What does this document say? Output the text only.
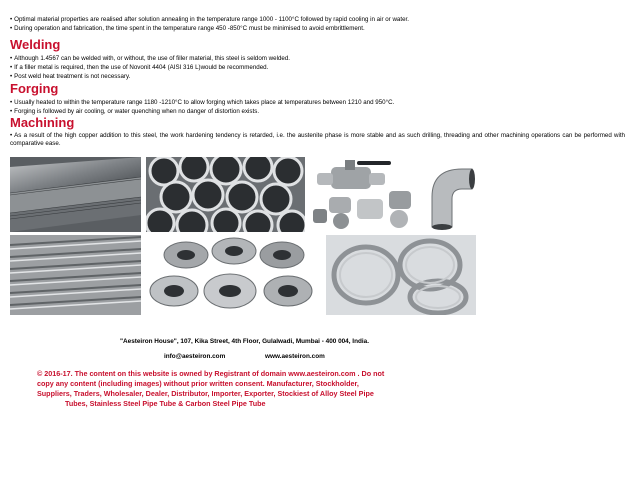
• Optimal material properties are realised after solution annealing in the temperature range 1000 - 1100°C followed by rapid cooling in air or water.
• During operation and fabrication, the time spent in the temperature range 450 -850°C must be minimised to avoid embrittlement.
Welding
• Although 1.4567 can be welded with, or without, the use of filler material, this steel is seldom welded.
• If a filler metal is required, then the use of Novonit 4404 (AISI 316 L)would be recommended.
• Post weld heat treatment is not necessary.
Forging
• Usually heated to within the temperature range 1180 -1210°C to allow forging which takes place at temperatures between 1210 and 950°C.
• Forging is followed by air cooling, or water quenching when no danger of distortion exists.
Machining
• As a result of the high copper addition to this steel, the work hardening tendency is retarded, i.e. the austenite phase is more stable and as such drilling, threading and other machining operations can be performed with comparative ease.
"Aesteiron House", 107, Kika Street, 4th Floor, Gulalwadi, Mumbai - 400 004, India.
info@aesteiron.com	www.aesteiron.com
© 2016-17. The content on this website is owned by Registrant of domain www.aesteiron.com . Do not
copy any content (including images) without prior written consent. Manufacturer, Stockholder,
Suppliers, Traders, Wholesaler, Dealer, Distributor, Importer, Exporter, Stockiest of Alloy Steel Pipe
Tubes, Stainless Steel Pipe Tube & Carbon Steel Pipe Tube
